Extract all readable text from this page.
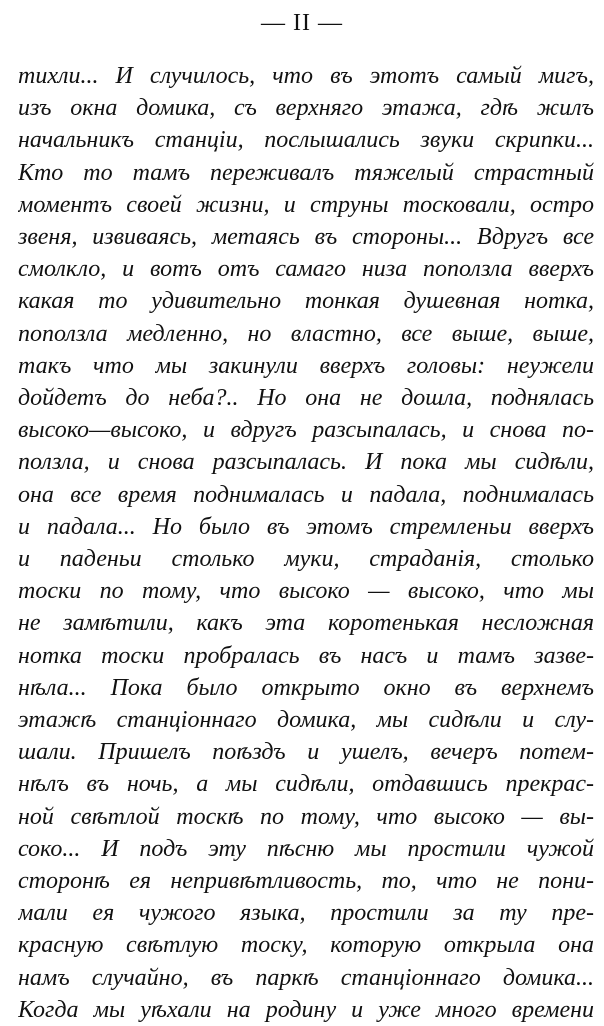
— II —
тихли... И случилось, что въ этотъ самый мигъ,
изъ окна домика, съ верхняго этажа, гдѣ жилъ
начальникъ станціи, послышались звуки скрипки...
Кто то тамъ переживалъ тяжелый страстный
моментъ своей жизни, и струны тосковали, остро
звеня, извиваясь, метаясь въ стороны... Вдругъ все
смолкло, и вотъ отъ самаго низа поползла вверхъ
какая то удивительно тонкая душевная нотка,
поползла медленно, но властно, все выше, выше,
такъ что мы закинули вверхъ головы: неужели
дойдетъ до неба?.. Но она не дошла, поднялась
высоко—высоко, и вдругъ разсыпалась, и снова по-
ползла, и снова разсыпалась. И пока мы сидѣли,
она все время поднималась и падала, поднималась
и падала... Но было въ этомъ стремленьи вверхъ
и паденьи столько муки, страданія, столько
тоски по тому, что высоко — высоко, что мы
не замѣтили, какъ эта коротенькая несложная
нотка тоски пробралась въ насъ и тамъ зазве-
нѣла... Пока было открыто окно въ верхнемъ
этажѣ станціоннаго домика, мы сидѣли и слу-
шали. Пришелъ поѣздъ и ушелъ, вечеръ потем-
нѣлъ въ ночь, а мы сидѣли, отдавшись прекрас-
ной свѣтлой тоскѣ по тому, что высоко — вы-
соко... И подъ эту пѣсню мы простили чужой
сторонѣ ея непривѣтливость, то, что не пони-
мали ея чужого языка, простили за ту пре-
красную свѣтлую тоску, которую открыла она
намъ случайно, въ паркѣ станціоннаго домика...
Когда мы уѣхали на родину и уже много времени
